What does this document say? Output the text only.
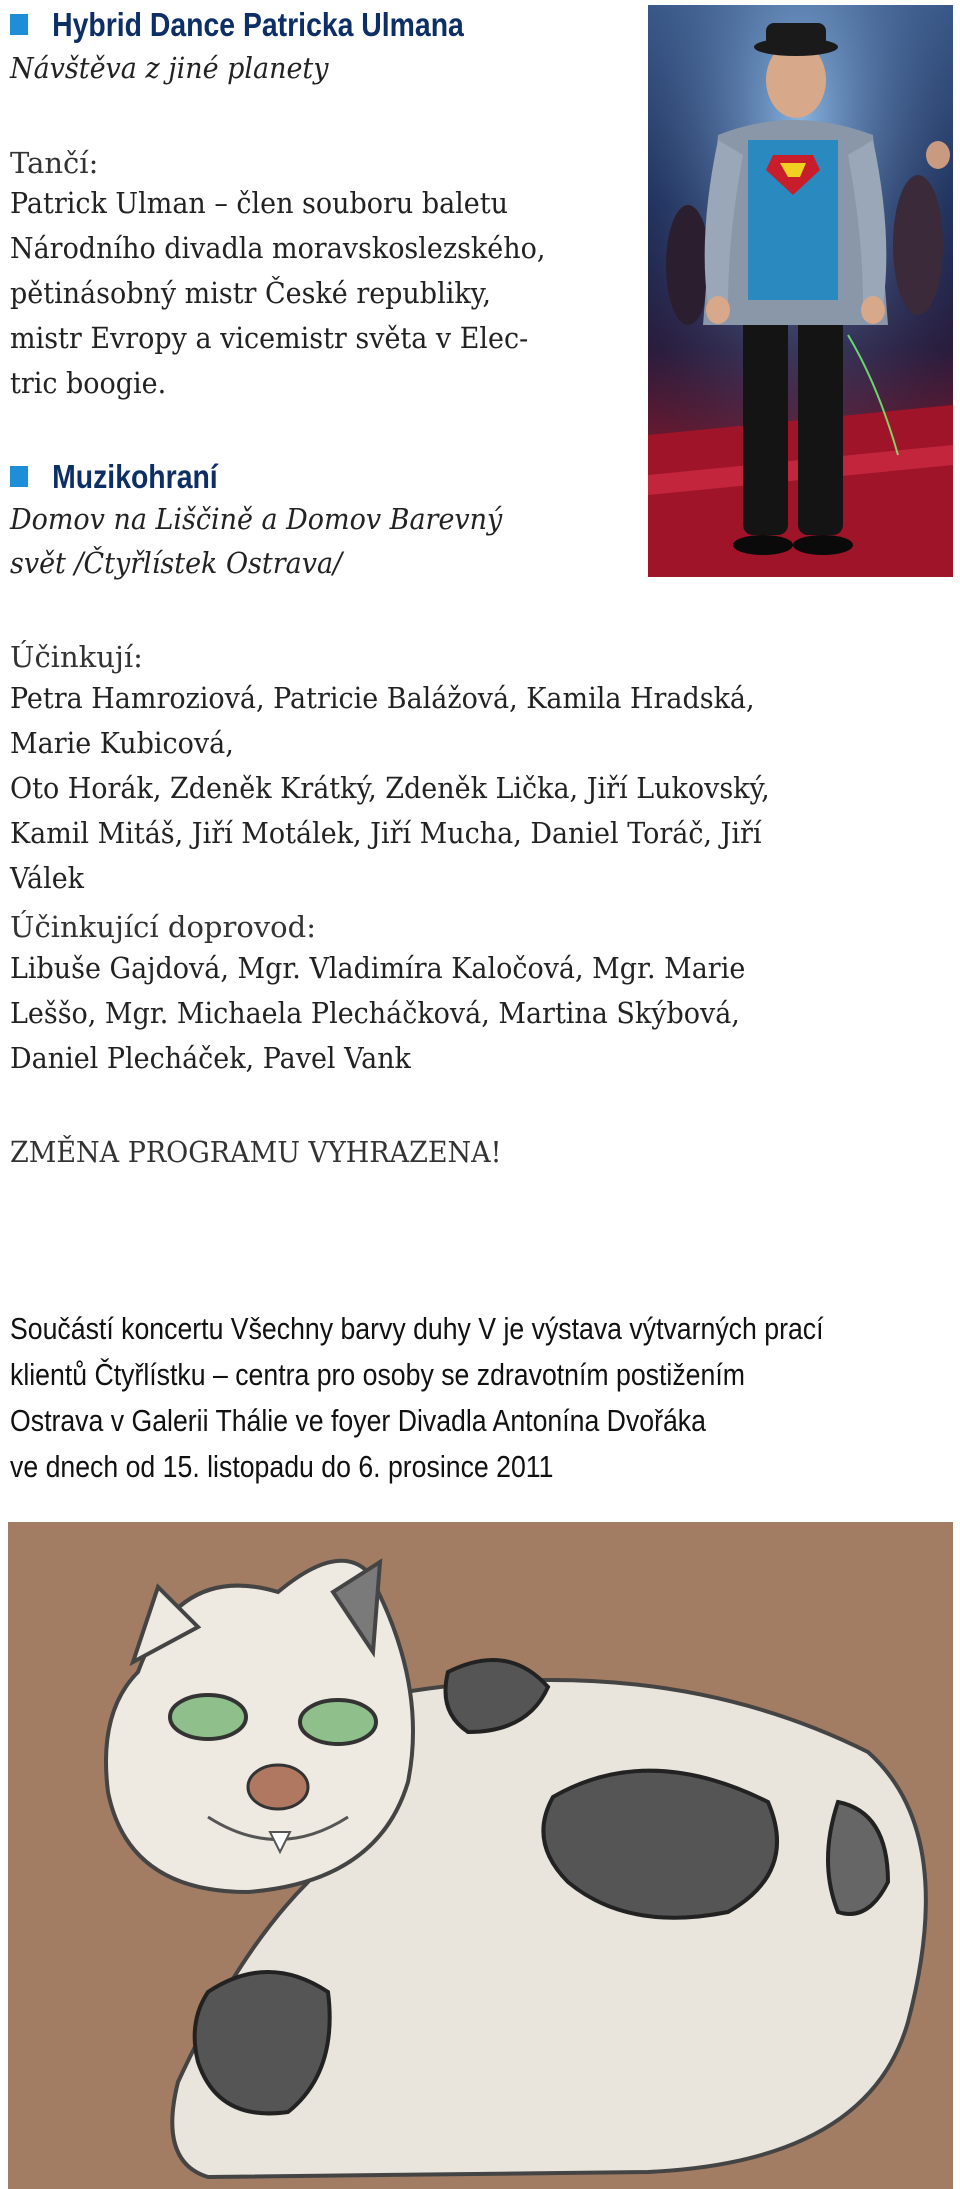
Hybrid Dance Patricka Ulmana
Návštěva z jiné planety
Tančí:
Patrick Ulman – člen souboru baletu
Národního divadla moravskoslezského,
pětinásobný mistr České republiky,
mistr Evropy a vicemistr světa v Elec-
tric boogie.
Muzikohraní
Domov na Liščině a Domov Barevný
svět /Čtyřlístek Ostrava/
Účinkují:
Petra Hamroziová, Patricie Balážová, Kamila Hradská,
Marie Kubicová,
Oto Horák, Zdeněk Krátký, Zdeněk Lička, Jiří Lukovský,
Kamil Mitáš, Jiří Motálek, Jiří Mucha, Daniel Toráč, Jiří
Válek
Účinkující doprovod:
Libuše Gajdová, Mgr. Vladimíra Kaločová, Mgr. Marie
Leššo, Mgr. Michaela Plecháčková, Martina Skýbová,
Daniel Plecháček, Pavel Vank
ZMĚNA PROGRAMU VYHRAZENA!
Součástí koncertu Všechny barvy duhy V je výstava výtvarných prací
klientů Čtyřlístku – centra pro osoby se zdravotním postižením
Ostrava v Galerii Thálie ve foyer Divadla Antonína Dvořáka
ve dnech od 15. listopadu do 6. prosince 2011
